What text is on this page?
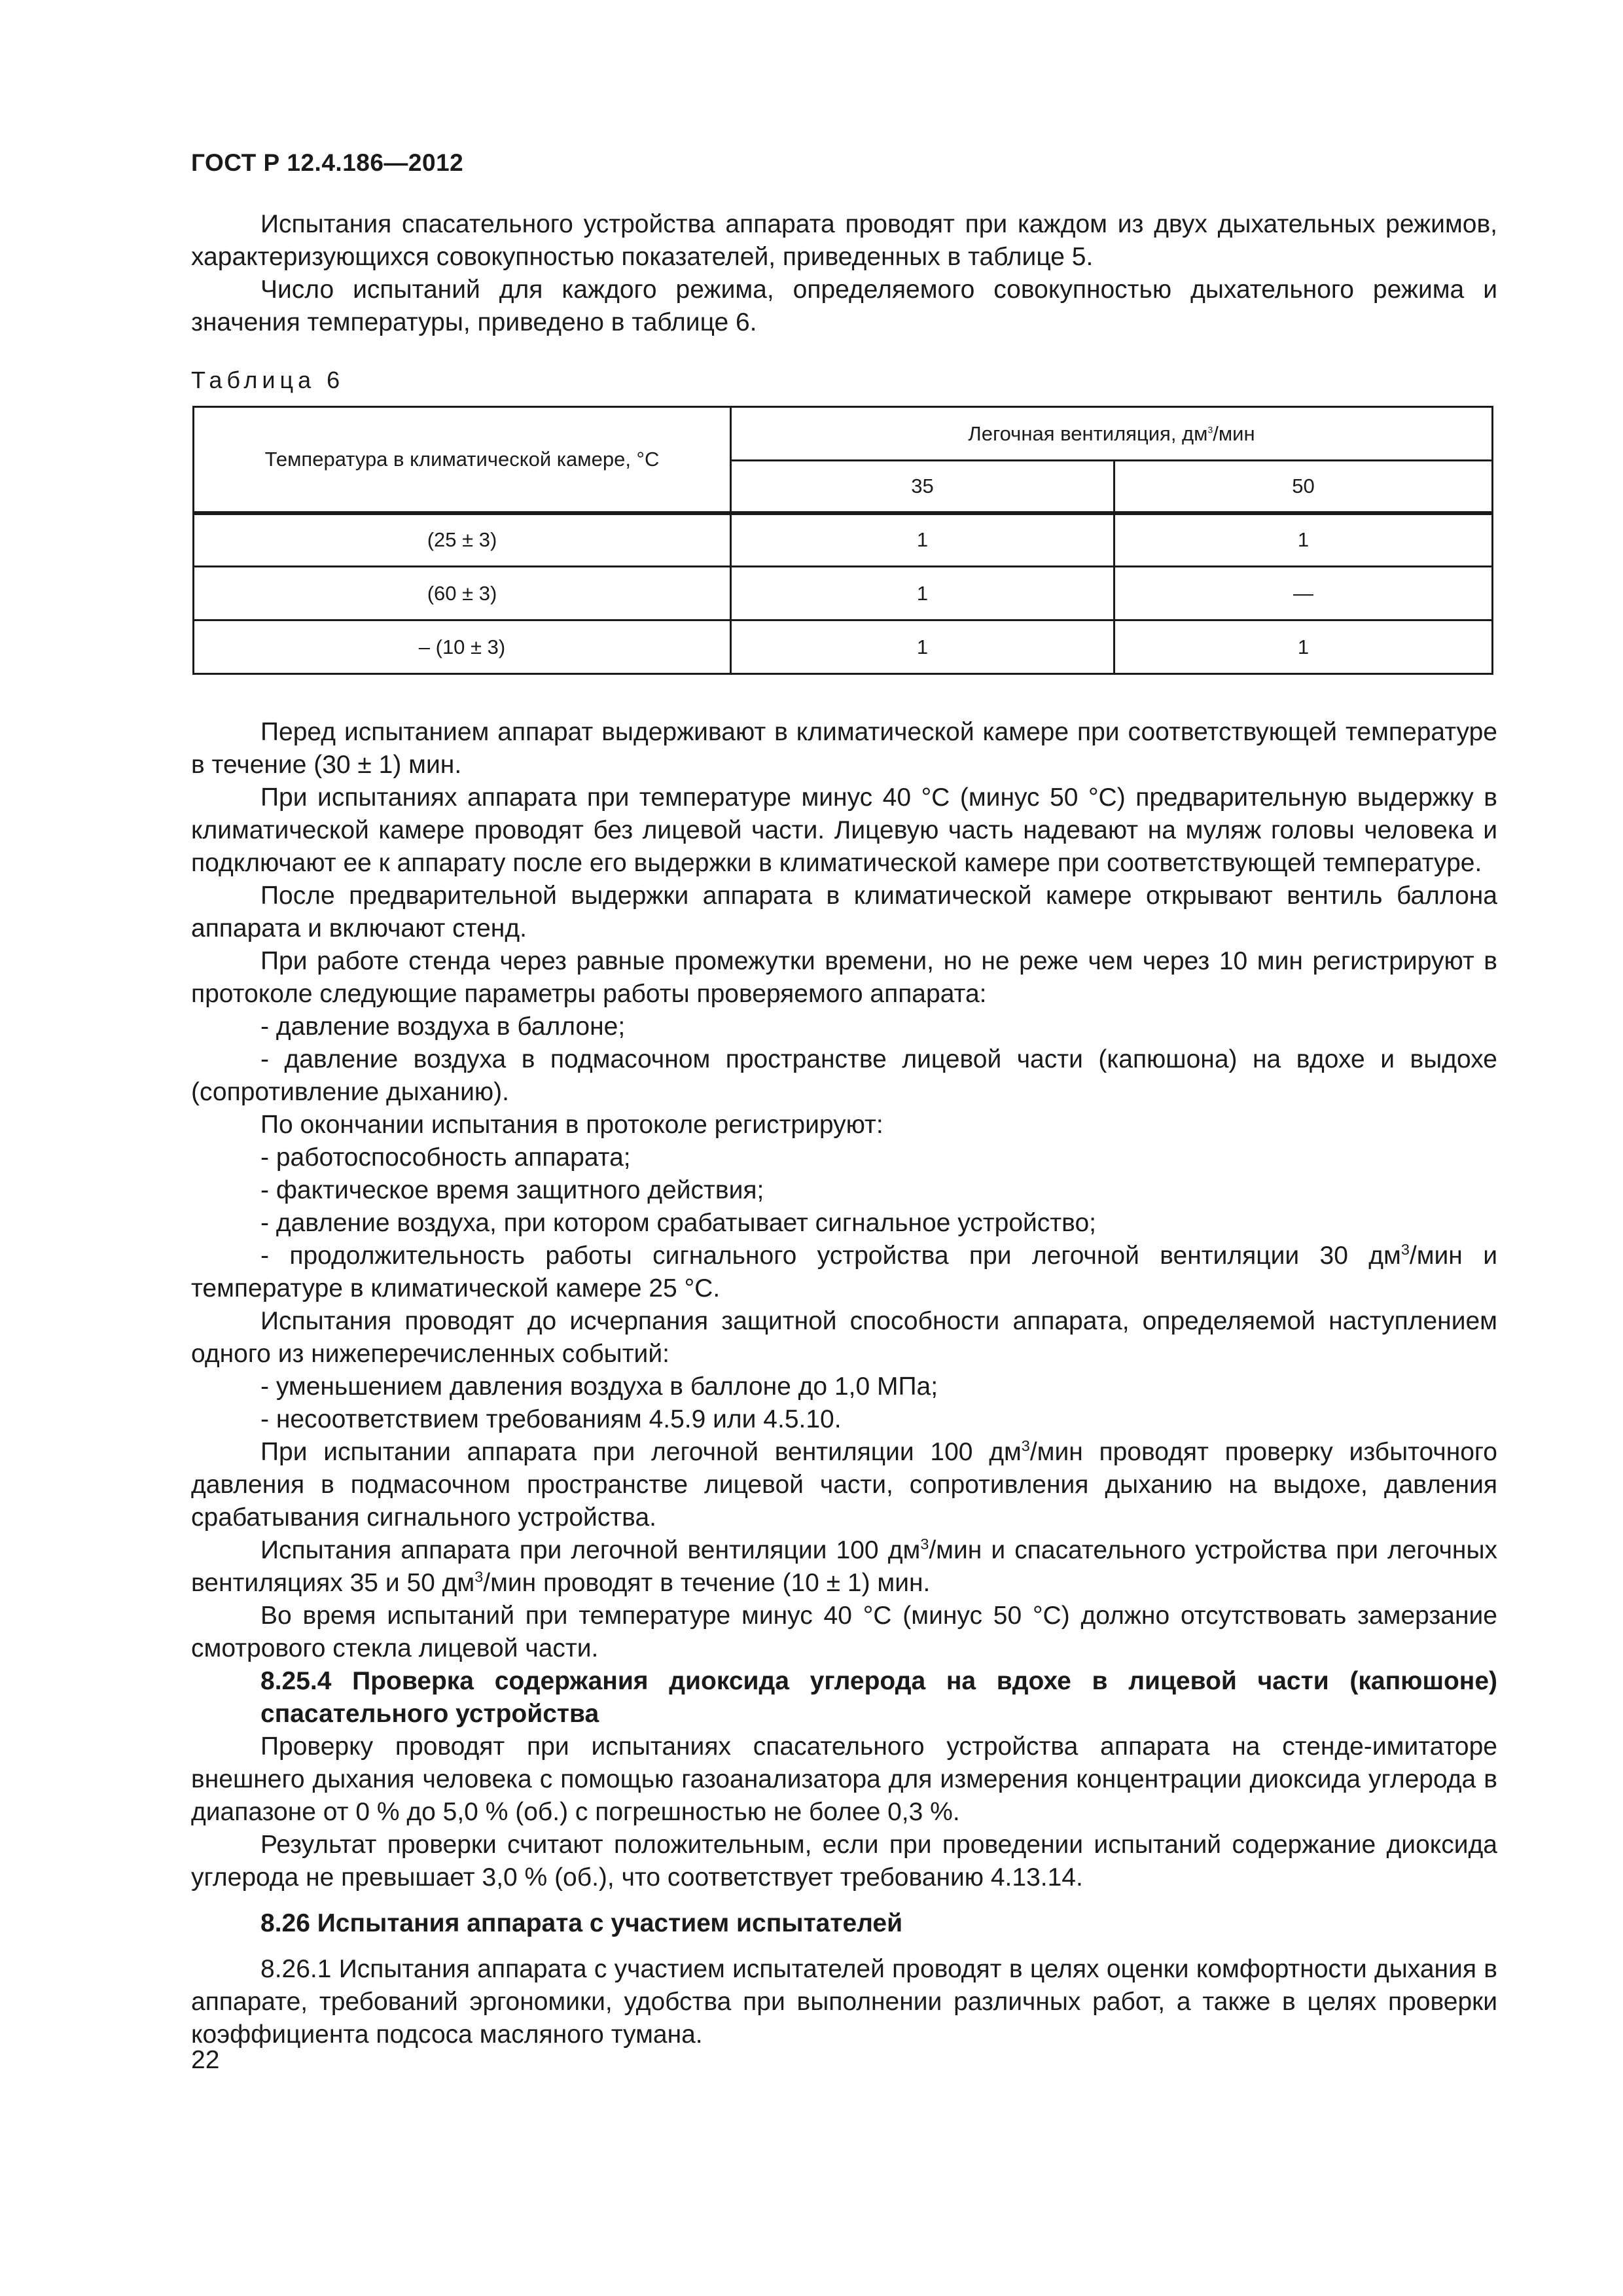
ГОСТ Р 12.4.186—2012

Испытания спасательного устройства аппарата проводят при каждом из двух дыхательных режимов, характеризующихся совокупностью показателей, приведенных в таблице 5.

Число испытаний для каждого режима, определяемого совокупностью дыхательного режима и значения температуры, приведено в таблице 6.

Таблица 6
Температура в климатической камере, °С	Легочная вентиляция, $дм^3$/мин	
	35	50
(25 ± 3)	1	1
(60 ± 3)	1	—
– (10 ± 3)	1	1

Перед испытанием аппарат выдерживают в климатической камере при соответствующей температуре в течение (30 ± 1) мин.

При испытаниях аппарата при температуре минус 40 °С (минус 50 °С) предварительную выдержку в климатической камере проводят без лицевой части. Лицевую часть надевают на муляж головы человека и подключают ее к аппарату после его выдержки в климатической камере при соответствующей температуре.

После предварительной выдержки аппарата в климатической камере открывают вентиль баллона аппарата и включают стенд.

При работе стенда через равные промежутки времени, но не реже чем через 10 мин регистрируют в протоколе следующие параметры работы проверяемого аппарата:

- давление воздуха в баллоне;

- давление воздуха в подмасочном пространстве лицевой части (капюшона) на вдохе и выдохе (сопротивление дыханию).

По окончании испытания в протоколе регистрируют:

- работоспособность аппарата;

- фактическое время защитного действия;

- давление воздуха, при котором срабатывает сигнальное устройство;

- продолжительность работы сигнального устройства при легочной вентиляции 30 $дм^3$/мин и температуре в климатической камере 25 °С.

Испытания проводят до исчерпания защитной способности аппарата, определяемой наступлением одного из нижеперечисленных событий:

- уменьшением давления воздуха в баллоне до 1,0 МПа;

- несоответствием требованиям 4.5.9 или 4.5.10.

При испытании аппарата при легочной вентиляции 100 $дм^3$/мин проводят проверку избыточного давления в подмасочном пространстве лицевой части, сопротивления дыханию на выдохе, давления срабатывания сигнального устройства.

Испытания аппарата при легочной вентиляции 100 $дм^3$/мин и спасательного устройства при легочных вентиляциях 35 и 50 $дм^3$/мин проводят в течение (10 ± 1) мин.

Во время испытаний при температуре минус 40 °С (минус 50 °С) должно отсутствовать замерзание смотрового стекла лицевой части.

8.25.4 Проверка содержания диоксида углерода на вдохе в лицевой части (капюшоне) спасательного устройства

Проверку проводят при испытаниях спасательного устройства аппарата на стенде-имитаторе внешнего дыхания человека с помощью газоанализатора для измерения концентрации диоксида углерода в диапазоне от 0 % до 5,0 % (об.) с погрешностью не более 0,3 %.

Результат проверки считают положительным, если при проведении испытаний содержание диоксида углерода не превышает 3,0 % (об.), что соответствует требованию 4.13.14.

8.26 Испытания аппарата с участием испытателей

8.26.1 Испытания аппарата с участием испытателей проводят в целях оценки комфортности дыхания в аппарате, требований эргономики, удобства при выполнении различных работ, а также в целях проверки коэффициента подсоса масляного тумана.

22
